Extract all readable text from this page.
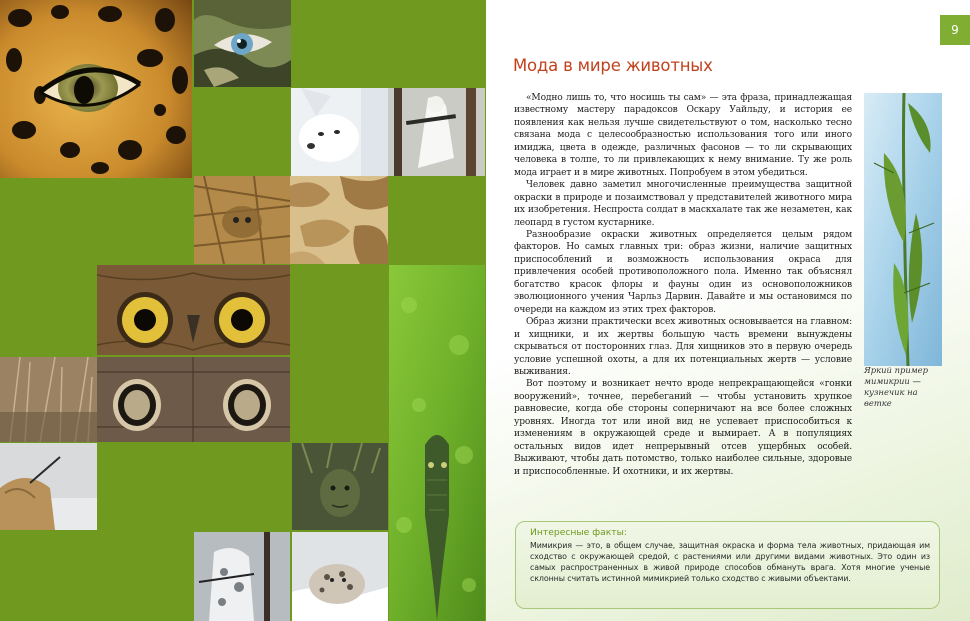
9
Мода в мире животных

«Модно лишь то, что носишь ты сам» — эта фраза, принадлежащая известному мастеру парадоксов Оскару Уайльду, и история ее появления как нельзя лучше свидетельствуют о том, насколько тесно связана мода с целесообразностью использования того или иного имиджа, цвета в одежде, различных фасонов — то ли скрывающих человека в толпе, то ли привлекающих к нему внимание. Ту же роль мода играет и в мире животных. Попробуем в этом убедиться.

Человек давно заметил многочисленные преимущества защитной окраски в природе и позаимствовал у представителей животного мира их изобретения. Неспроста солдат в маскхалате так же незаметен, как леопард в густом кустарнике.

Разнообразие окраски животных определяется целым рядом факторов. Но самых главных три: образ жизни, наличие защитных приспособлений и возможность использования окраса для привлечения особей противоположного пола. Именно так объяснял богатство красок флоры и фауны один из основоположников эволюционного учения Чарльз Дарвин. Давайте и мы остановимся по очереди на каждом из этих трех факторов.

Образ жизни практически всех животных основывается на главном: и хищники, и их жертвы большую часть времени вынуждены скрываться от посторонних глаз. Для хищников это в первую очередь условие успешной охоты, а для их потенциальных жертв — условие выживания.

Вот поэтому и возникает нечто вроде непрекращающейся «гонки вооружений», точнее, перебеганий — чтобы установить хрупкое равновесие, когда обе стороны соперничают на все более сложных уровнях. Иногда тот или иной вид не успевает приспособиться к изменениям в окружающей среде и вымирает. А в популяциях остальных видов идет непрерывный отсев ущербных особей. Выживают, чтобы дать потомство, только наиболее сильные, здоровые и приспособленные. И охотники, и их жертвы.

Яркий пример мимикрии — кузнечик на ветке

Интересные факты:

Мимикрия — это, в общем случае, защитная окраска и форма тела животных, придающая им сходство с окружающей средой, с растениями или другими видами животных. Это один из самых распространенных в живой природе способов обмануть врага. Хотя многие ученые склонны считать истинной мимикрией только сходство с живыми объектами.
